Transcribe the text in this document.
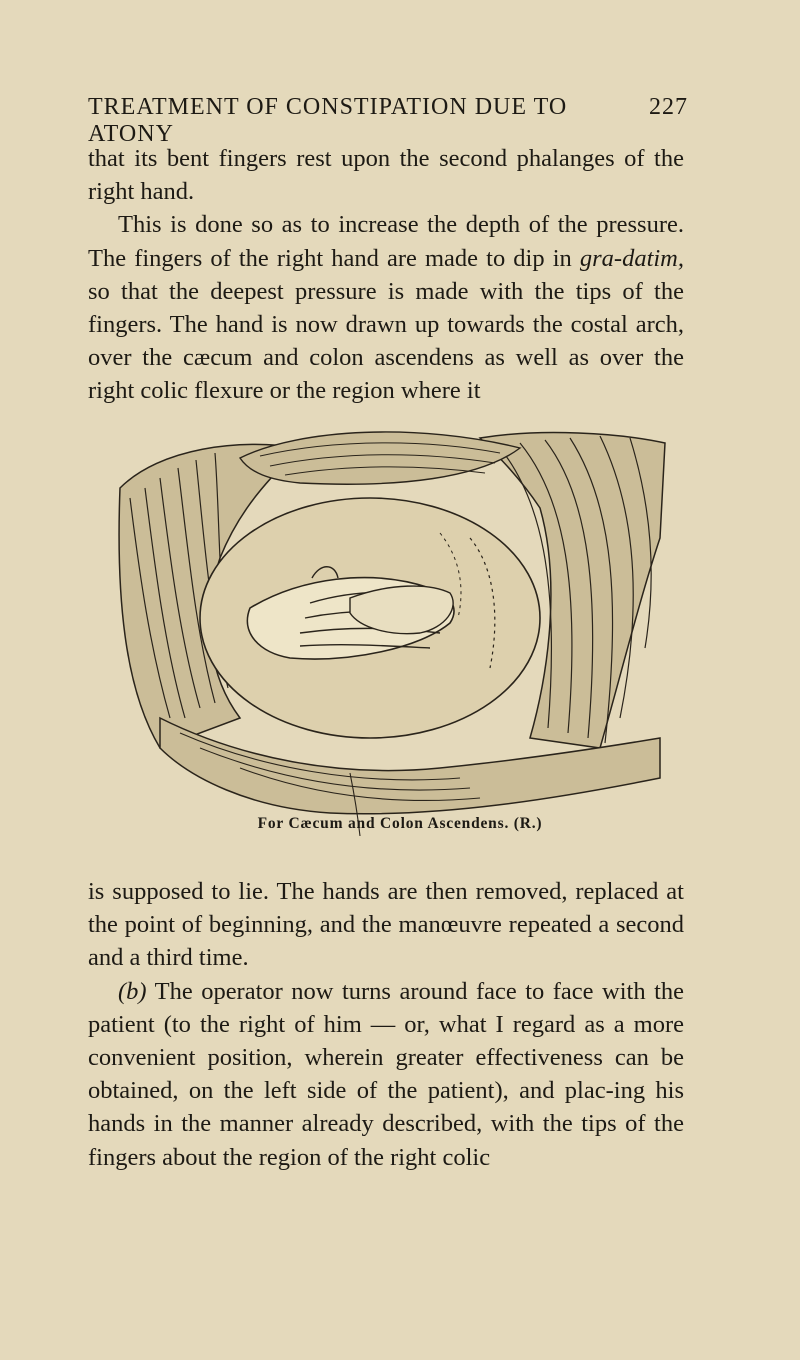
TREATMENT OF CONSTIPATION DUE TO ATONY
227

that its bent fingers rest upon the second phalanges of the right hand.

This is done so as to increase the depth of the pressure. The fingers of the right hand are made to dip in gra-datim, so that the deepest pressure is made with the tips of the fingers. The hand is now drawn up towards the costal arch, over the cæcum and colon ascendens as well as over the right colic flexure or the region where it

For Cæcum and Colon Ascendens. (R.)

is supposed to lie. The hands are then removed, replaced at the point of beginning, and the manœuvre repeated a second and a third time.

(b) The operator now turns around face to face with the patient (to the right of him — or, what I regard as a more convenient position, wherein greater effectiveness can be obtained, on the left side of the patient), and plac-ing his hands in the manner already described, with the tips of the fingers about the region of the right colic
